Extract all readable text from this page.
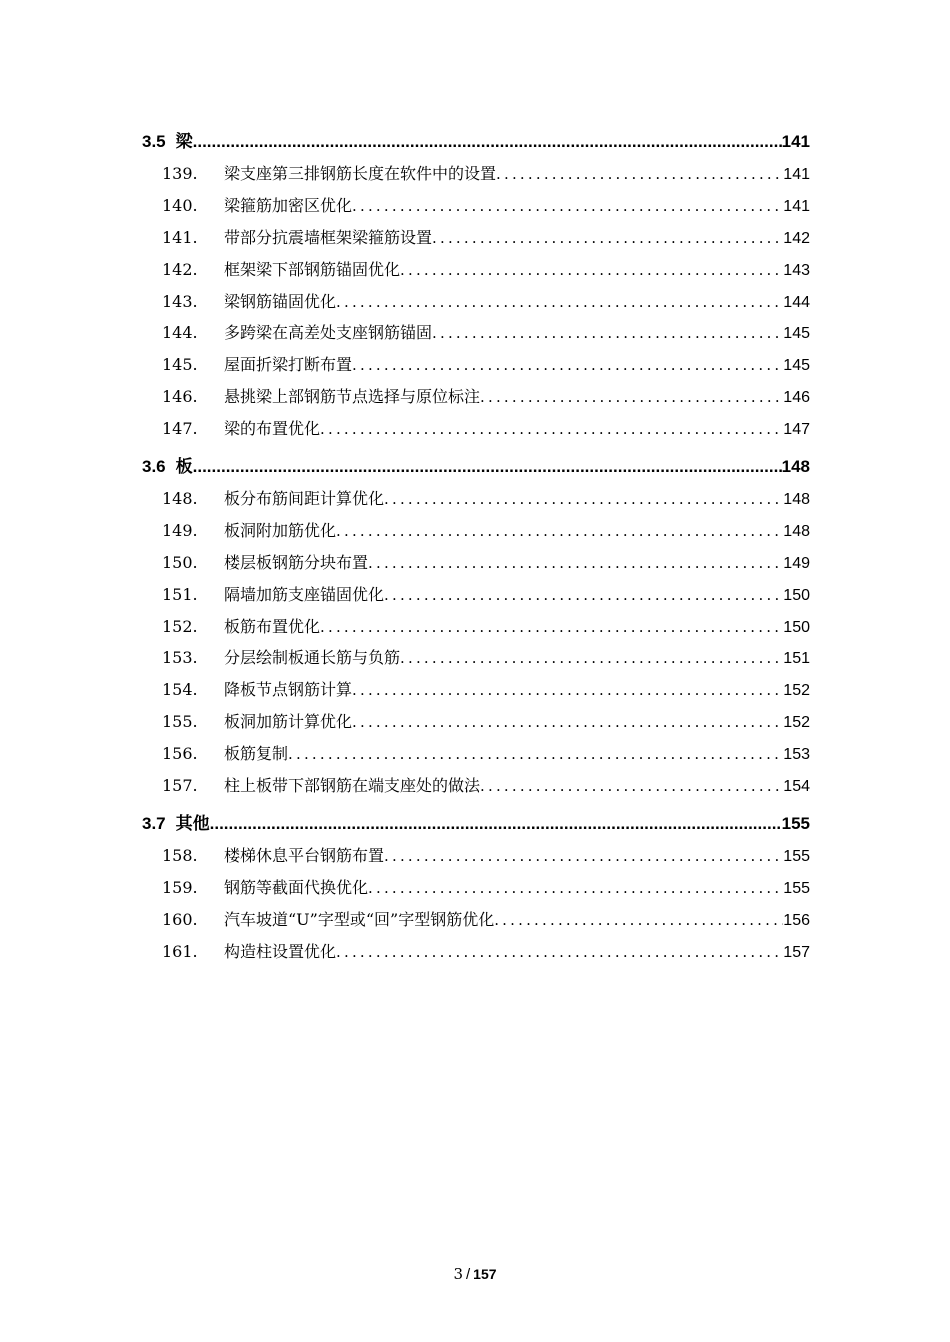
3.5 梁 .....	141
139.	梁支座第三排钢筋长度在软件中的设置 .....	141
140.	梁箍筋加密区优化 .....	141
141.	带部分抗震墙框架梁箍筋设置 .....	142
142.	框架梁下部钢筋锚固优化 .....	143
143.	梁钢筋锚固优化 .....	144
144.	多跨梁在高差处支座钢筋锚固 .....	145
145.	屋面折梁打断布置 .....	145
146.	悬挑梁上部钢筋节点选择与原位标注 .....	146
147.	梁的布置优化 .....	147
3.6 板 .....	148
148.	板分布筋间距计算优化 .....	148
149.	板洞附加筋优化 .....	148
150.	楼层板钢筋分块布置 .....	149
151.	隔墙加筋支座锚固优化 .....	150
152.	板筋布置优化 .....	150
153.	分层绘制板通长筋与负筋 .....	151
154.	降板节点钢筋计算 .....	152
155.	板洞加筋计算优化 .....	152
156.	板筋复制 .....	153
157.	柱上板带下部钢筋在端支座处的做法 .....	154
3.7 其他 .....	155
158.	楼梯休息平台钢筋布置 .....	155
159.	钢筋等截面代换优化 .....	155
160.	汽车坡道“U”字型或“回”字型钢筋优化 .....	156
161.	构造柱设置优化 .....	157
3 / 157
